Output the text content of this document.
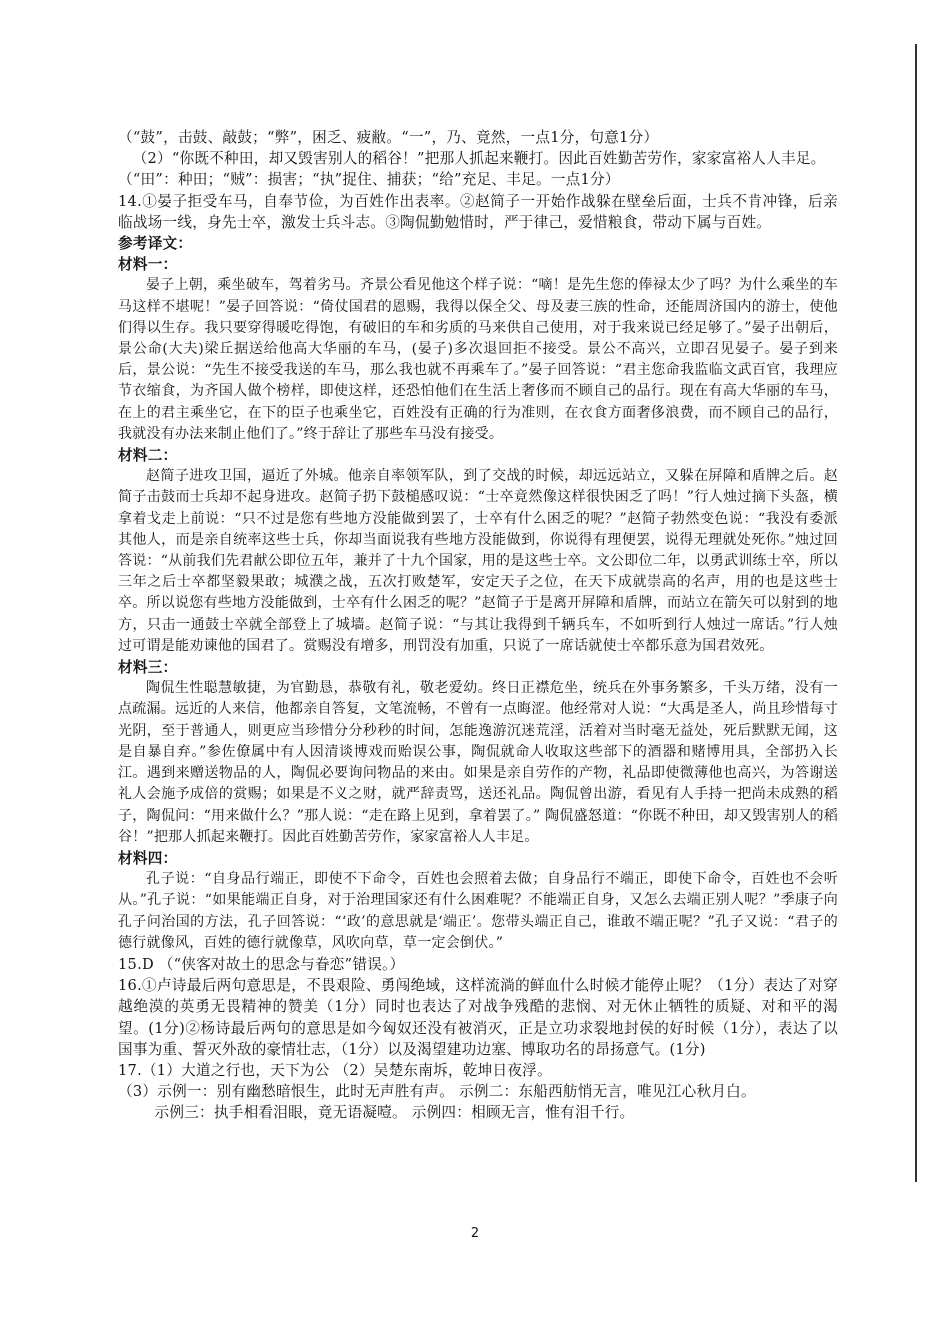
（“鼓”，击鼓、敲鼓；“弊”，困乏、疲敝。“一”，乃、竟然，一点1分，句意1分）

（2）“你既不种田，却又毁害别人的稻谷！”把那人抓起来鞭打。因此百姓勤苦劳作，家家富裕人人丰足。

（“田”：种田；“贼”：损害；“执”捉住、捕获；“给”充足、丰足。一点1分）

14.①晏子拒受车马，自奉节俭，为百姓作出表率。②赵简子一开始作战躲在壁垒后面，士兵不肯冲锋，后亲临战场一线，身先士卒，激发士兵斗志。③陶侃勤勉惜时，严于律己，爱惜粮食，带动下属与百姓。

参考译文：

材料一：

晏子上朝，乘坐破车，驾着劣马。齐景公看见他这个样子说：“嘀！是先生您的俸禄太少了吗？为什么乘坐的车马这样不堪呢！”晏子回答说：“倚仗国君的恩赐，我得以保全父、母及妻三族的性命，还能周济国内的游士，使他们得以生存。我只要穿得暖吃得饱，有破旧的车和劣质的马来供自己使用，对于我来说已经足够了。”晏子出朝后，景公命(大夫)梁丘据送给他高大华丽的车马，(晏子)多次退回拒不接受。景公不高兴，立即召见晏子。晏子到来后，景公说：“先生不接受我送的车马，那么我也就不再乘车了。”晏子回答说：“君主您命我监临文武百官，我理应节衣缩食，为齐国人做个榜样，即使这样，还恐怕他们在生活上奢侈而不顾自己的品行。现在有高大华丽的车马，在上的君主乘坐它，在下的臣子也乘坐它，百姓没有正确的行为准则，在衣食方面奢侈浪费，而不顾自己的品行，我就没有办法来制止他们了。”终于辞让了那些车马没有接受。

材料二：

赵简子进攻卫国，逼近了外城。他亲自率领军队，到了交战的时候，却远远站立，又躲在屏障和盾牌之后。赵简子击鼓而士兵却不起身进攻。赵简子扔下鼓槌感叹说：“士卒竟然像这样很快困乏了吗！”行人烛过摘下头盔，横拿着戈走上前说：“只不过是您有些地方没能做到罢了，士卒有什么困乏的呢？”赵简子勃然变色说：“我没有委派其他人，而是亲自统率这些士兵，你却当面说我有些地方没能做到，你说得有理便罢，说得无理就处死你。”烛过回答说：“从前我们先君献公即位五年，兼并了十九个国家，用的是这些士卒。文公即位二年，以勇武训练士卒，所以三年之后士卒都坚毅果敢；城濮之战，五次打败楚军，安定天子之位，在天下成就崇高的名声，用的也是这些士卒。所以说您有些地方没能做到，士卒有什么困乏的呢？”赵简子于是离开屏障和盾牌，而站立在箭矢可以射到的地方，只击一通鼓士卒就全部登上了城墙。赵简子说：“与其让我得到千辆兵车，不如听到行人烛过一席话。”行人烛过可谓是能劝谏他的国君了。赏赐没有增多，刑罚没有加重，只说了一席话就使士卒都乐意为国君效死。

材料三：

陶侃生性聪慧敏捷，为官勤恳，恭敬有礼，敬老爱幼。终日正襟危坐，统兵在外事务繁多，千头万绪，没有一点疏漏。远近的人来信，他都亲自答复，文笔流畅，不曾有一点晦涩。他经常对人说：“大禹是圣人，尚且珍惜每寸光阴，至于普通人，则更应当珍惜分分秒秒的时间，怎能逸游沉迷荒淫，活着对当时毫无益处，死后默默无闻，这是自暴自弃。”参佐僚属中有人因清谈博戏而贻误公事，陶侃就命人收取这些部下的酒器和赌博用具，全部扔入长江。遇到来赠送物品的人，陶侃必要询问物品的来由。如果是亲自劳作的产物，礼品即使微薄他也高兴，为答谢送礼人会施予成倍的赏赐；如果是不义之财，就严辞责骂，送还礼品。陶侃曾出游，看见有人手持一把尚未成熟的稻子，陶侃问：“用来做什么？”那人说：“走在路上见到，拿着罢了。” 陶侃盛怒道：“你既不种田，却又毁害别人的稻谷！”把那人抓起来鞭打。因此百姓勤苦劳作，家家富裕人人丰足。

材料四：

孔子说：“自身品行端正，即使不下命令，百姓也会照着去做；自身品行不端正，即使下命令，百姓也不会听从。”孔子说：“如果能端正自身，对于治理国家还有什么困难呢？不能端正自身，又怎么去端正别人呢？”季康子向孔子问治国的方法，孔子回答说：“‘政’的意思就是‘端正’。您带头端正自己，谁敢不端正呢？”孔子又说：“君子的德行就像风，百姓的德行就像草，风吹向草，草一定会倒伏。”

15.D （“侠客对故土的思念与眷恋”错误。）

16.①卢诗最后两句意思是，不畏艰险、勇闯绝域，这样流淌的鲜血什么时候才能停止呢？（1分）表达了对穿越绝漠的英勇无畏精神的赞美（1分）同时也表达了对战争残酷的悲悯、对无休止牺牲的质疑、对和平的渴望。(1分)②杨诗最后两句的意思是如今匈奴还没有被消灭，正是立功求裂地封侯的好时候（1分），表达了以国事为重、誓灭外敌的豪情壮志，（1分）以及渴望建功边塞、博取功名的昂扬意气。(1分)

17.（1）大道之行也，天下为公 （2）吴楚东南坼，乾坤日夜浮。

（3）示例一：别有幽愁暗恨生，此时无声胜有声。 示例二：东船西舫悄无言，唯见江心秋月白。

示例三：执手相看泪眼，竟无语凝噎。 示例四：相顾无言，惟有泪千行。

2
